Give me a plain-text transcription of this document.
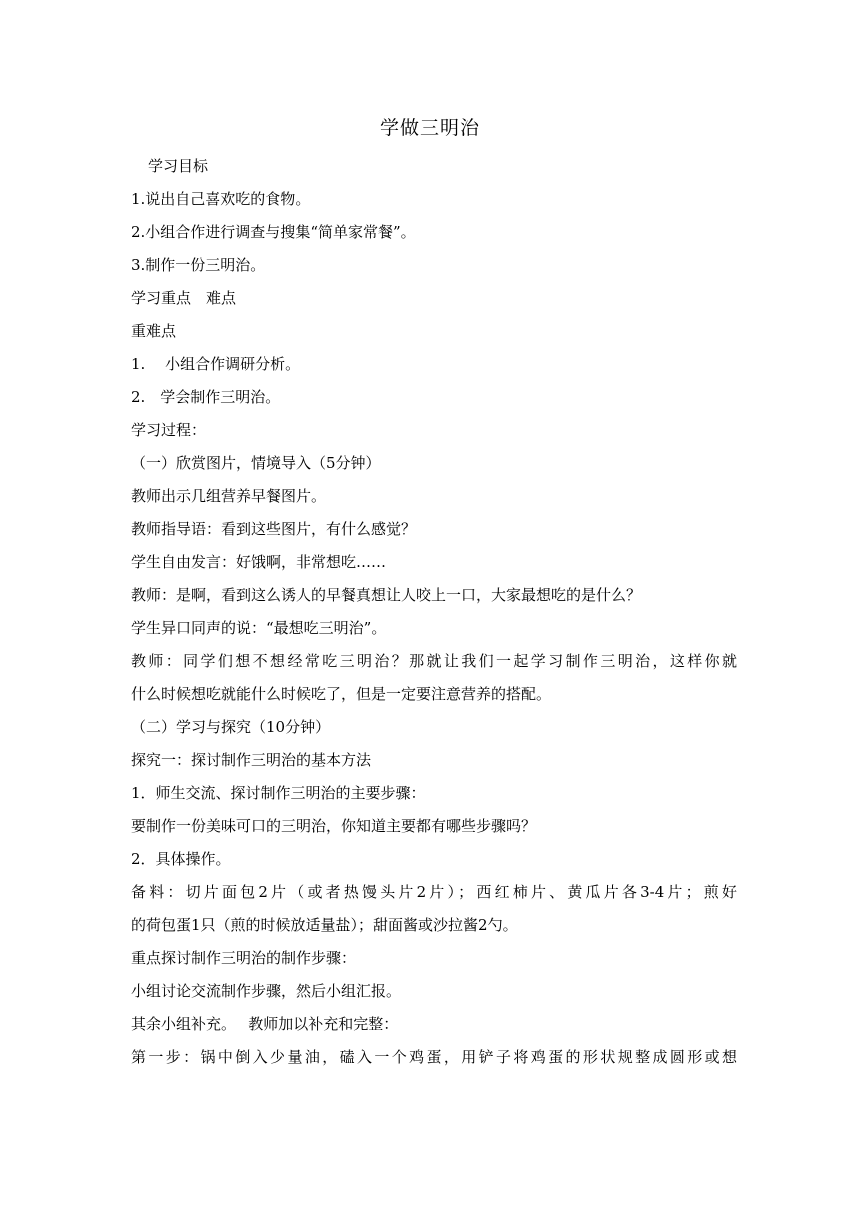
学做三明治
学习目标
1.说出自己喜欢吃的食物。
2.小组合作进行调查与搜集“简单家常餐”。
3.制作一份三明治。
学习重点　难点
重难点
1.　 小组合作调研分析。
2.　学会制作三明治。
学习过程：
（一）欣赏图片，情境导入（5分钟）
教师出示几组营养早餐图片。
教师指导语：看到这些图片，有什么感觉？
学生自由发言：好饿啊，非常想吃……
教师：是啊，看到这么诱人的早餐真想让人咬上一口，大家最想吃的是什么？
学生异口同声的说：“最想吃三明治”。
教师：同学们想不想经常吃三明治？那就让我们一起学习制作三明治，这样你就
什么时候想吃就能什么时候吃了，但是一定要注意营养的搭配。
（二）学习与探究（10分钟）
探究一：探讨制作三明治的基本方法
1．师生交流、探讨制作三明治的主要步骤：
要制作一份美味可口的三明治，你知道主要都有哪些步骤吗？
2．具体操作。
备料：切片面包2片（或者热馒头片2片）；西红柿片、黄瓜片各3-4片；煎好
的荷包蛋1只（煎的时候放适量盐）；甜面酱或沙拉酱2勺。
重点探讨制作三明治的制作步骤：
小组讨论交流制作步骤，然后小组汇报。
其余小组补充。　 教师加以补充和完整：
第一步：锅中倒入少量油，磕入一个鸡蛋，用铲子将鸡蛋的形状规整成圆形或想
